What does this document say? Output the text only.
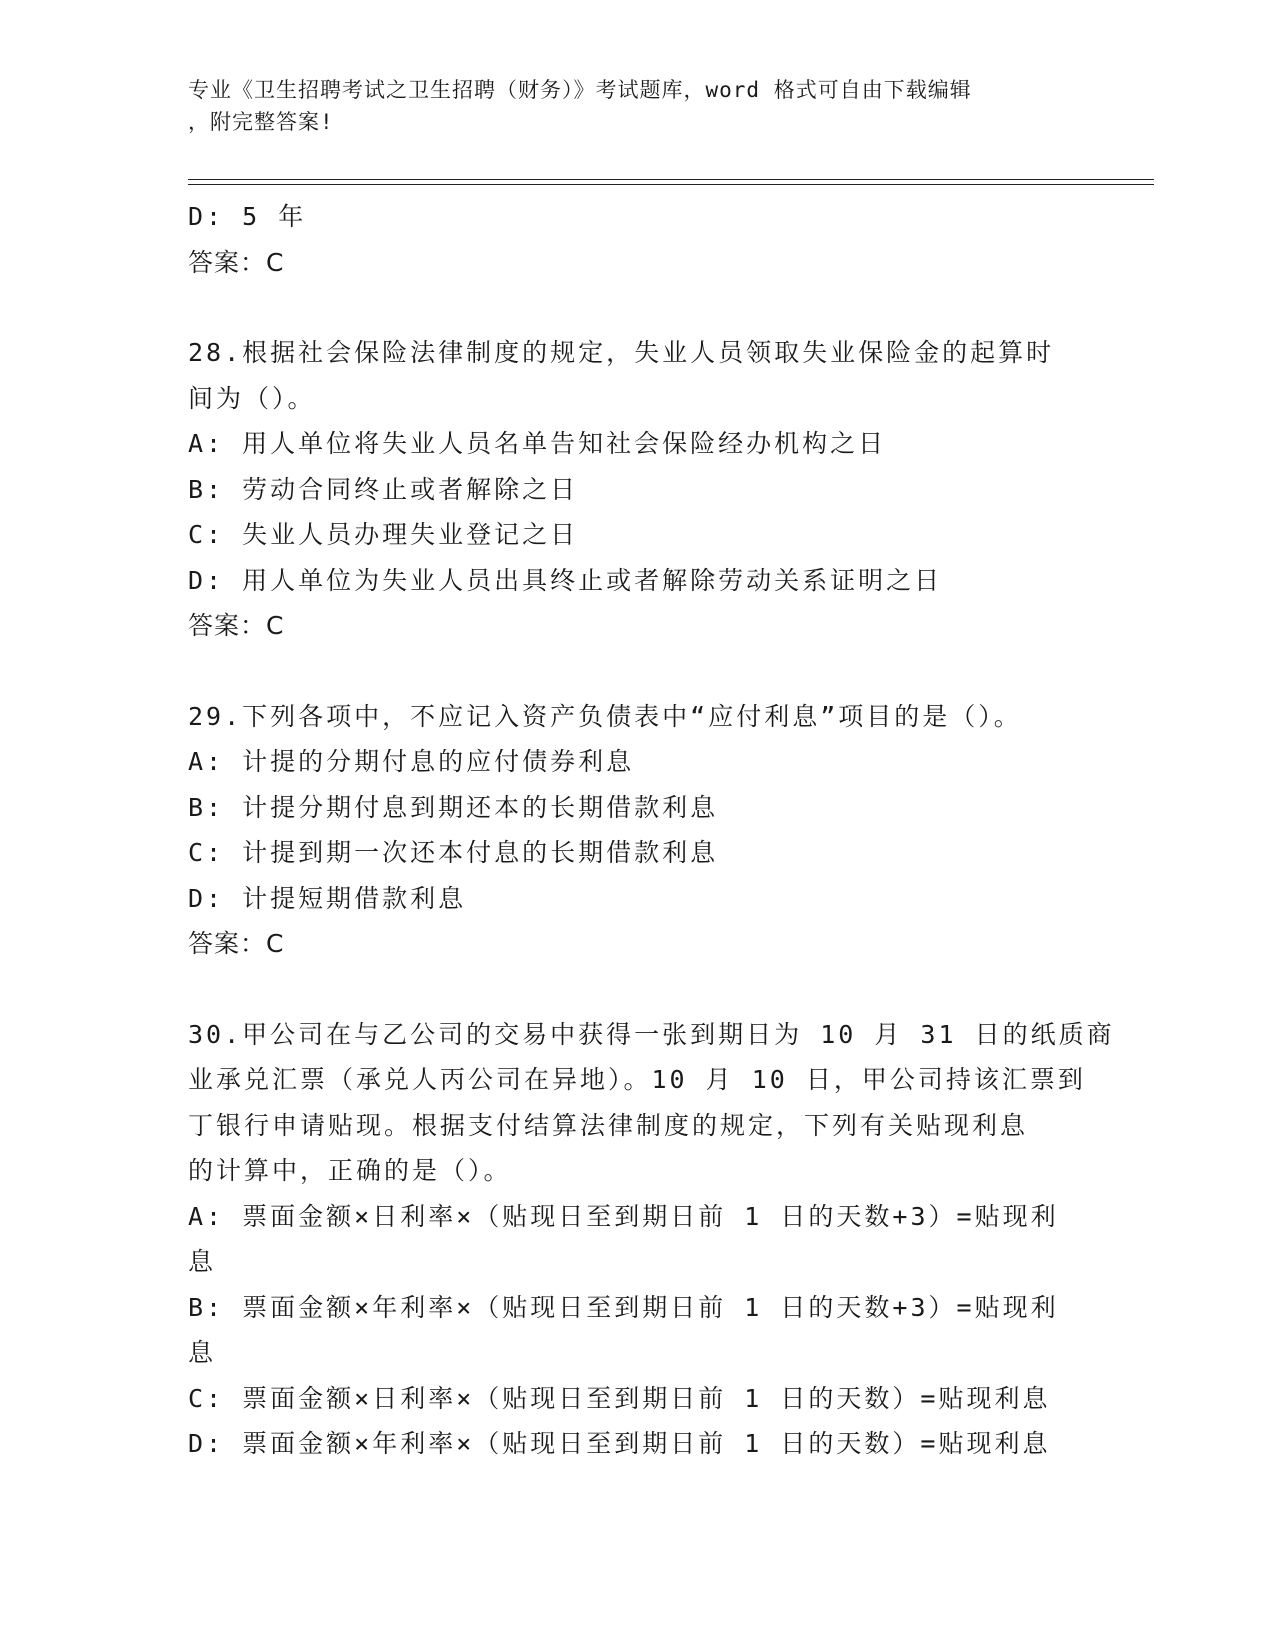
专业《卫生招聘考试之卫生招聘（财务）》考试题库，word 格式可自由下载编辑
，附完整答案!
D: 5 年
答案：C
28.根据社会保险法律制度的规定，失业人员领取失业保险金的起算时
间为（）。
A: 用人单位将失业人员名单告知社会保险经办机构之日
B: 劳动合同终止或者解除之日
C: 失业人员办理失业登记之日
D: 用人单位为失业人员出具终止或者解除劳动关系证明之日
答案：C
29.下列各项中，不应记入资产负债表中“应付利息”项目的是（）。
A: 计提的分期付息的应付债券利息
B: 计提分期付息到期还本的长期借款利息
C: 计提到期一次还本付息的长期借款利息
D: 计提短期借款利息
答案：C
30.甲公司在与乙公司的交易中获得一张到期日为 10 月 31 日的纸质商
业承兑汇票（承兑人丙公司在异地）。10 月 10 日，甲公司持该汇票到
丁银行申请贴现。根据支付结算法律制度的规定，下列有关贴现利息
的计算中，正确的是（）。
A: 票面金额×日利率×（贴现日至到期日前 1 日的天数+3）=贴现利
息
B: 票面金额×年利率×（贴现日至到期日前 1 日的天数+3）=贴现利
息
C: 票面金额×日利率×（贴现日至到期日前 1 日的天数）=贴现利息
D: 票面金额×年利率×（贴现日至到期日前 1 日的天数）=贴现利息
